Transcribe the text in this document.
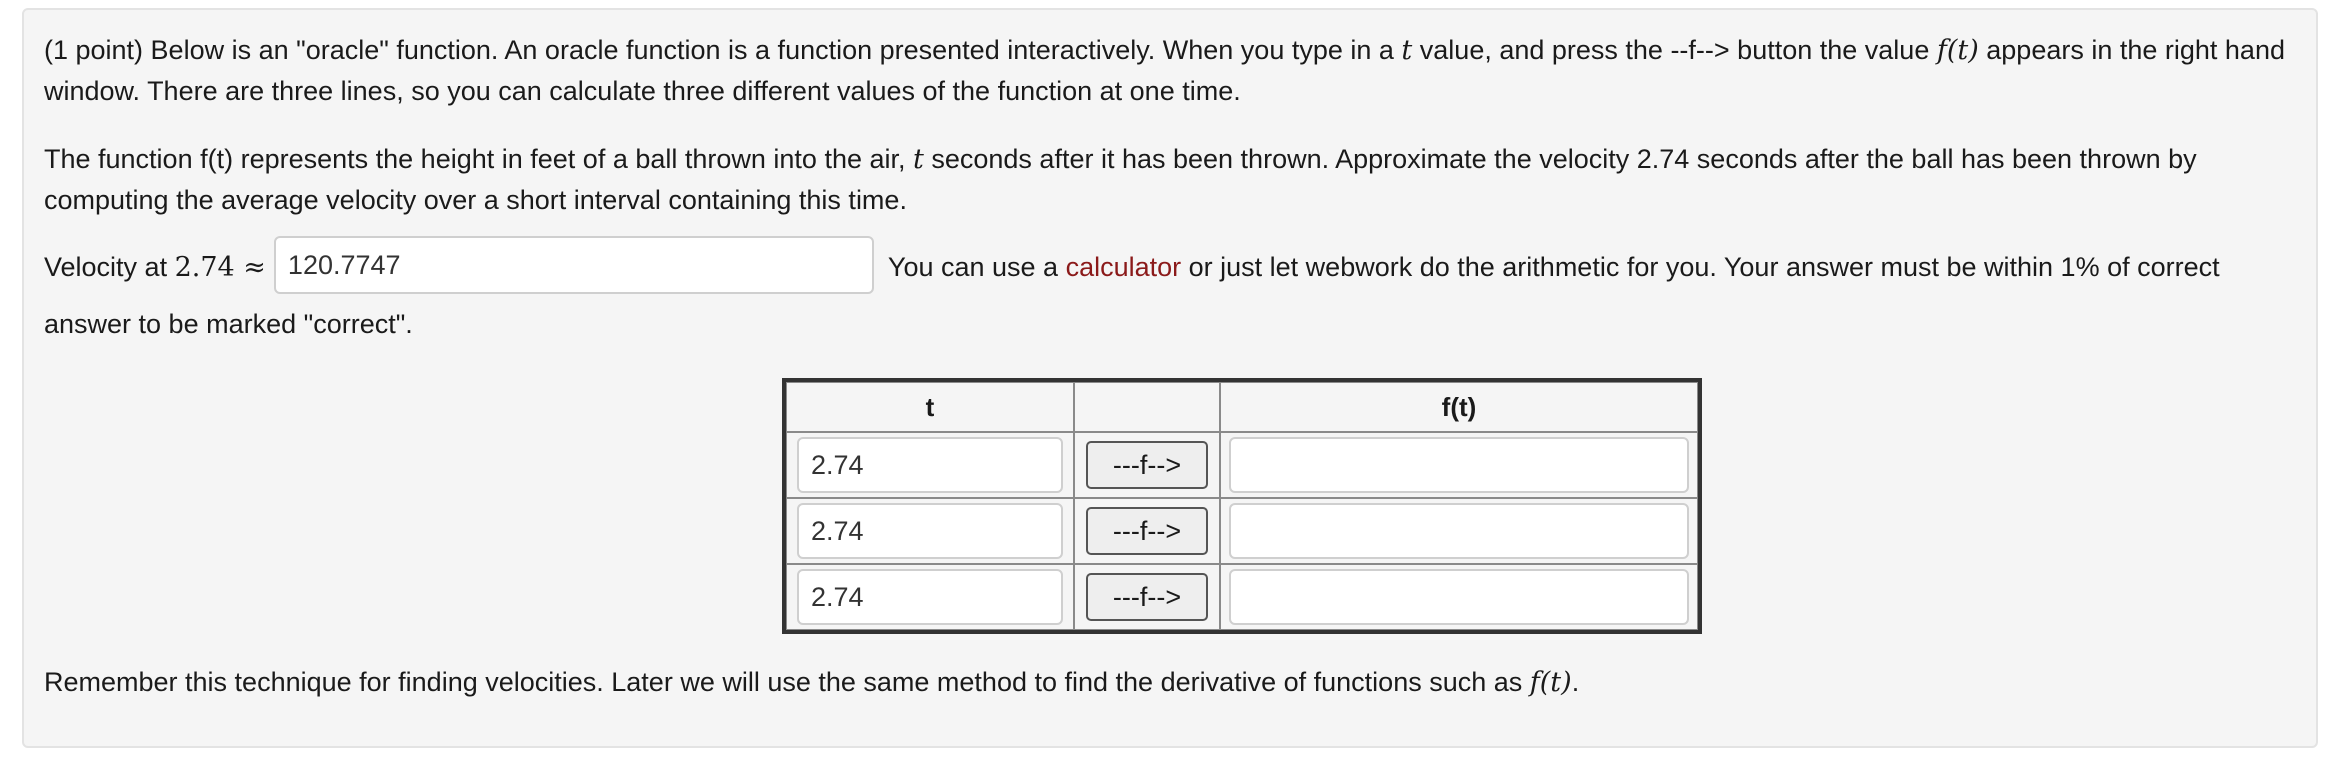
(1 point) Below is an "oracle" function. An oracle function is a function presented interactively. When you type in a t value, and press the --f--> button the value f(t) appears in the right hand window. There are three lines, so you can calculate three different values of the function at one time.

The function f(t) represents the height in feet of a ball thrown into the air, t seconds after it has been thrown. Approximate the velocity 2.74 seconds after the ball has been thrown by computing the average velocity over a short interval containing this time.

Velocity at 2.74 ≈120.7747	You can use a calculator or just let webwork do the arithmetic for you. Your answer must be within 1% of correct answer to be marked "correct".
t		f(t)
2.74	---f-->	
2.74	---f-->	
2.74	---f-->	

Remember this technique for finding velocities. Later we will use the same method to find the derivative of functions such as f(t).
